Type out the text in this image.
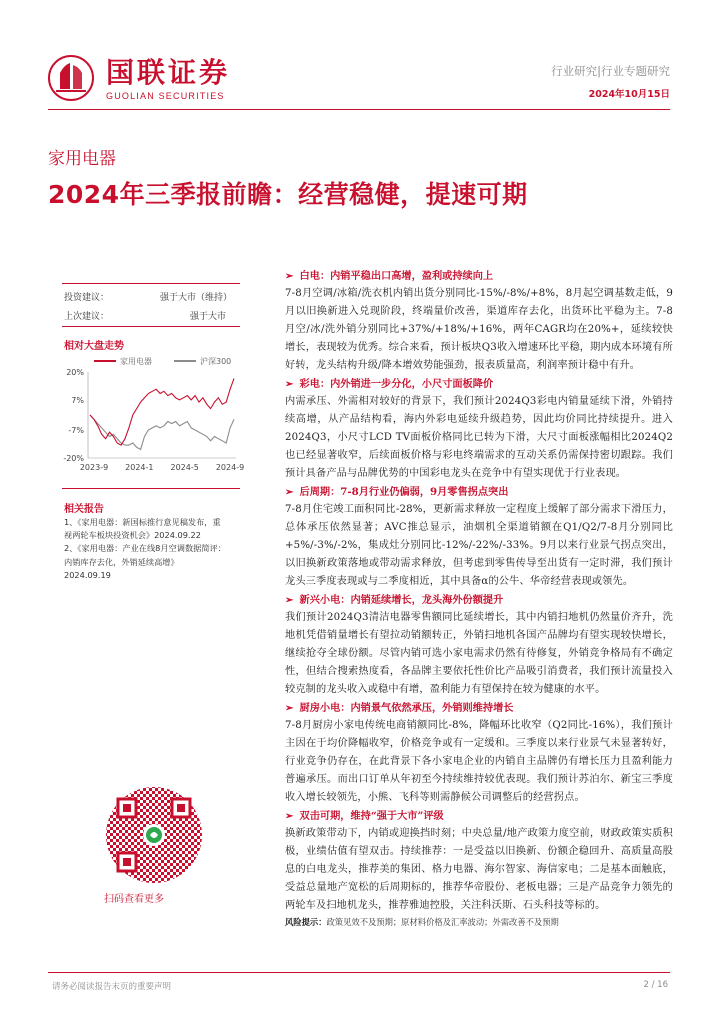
国联证券
GUOLIAN SECURITIES
行业研究|行业专题研究
2024年10月15日
家用电器
2024年三季报前瞻：经营稳健，提速可期
投资建议：	强于大市（维持）
上次建议：	强于大市
相对大盘走势
家用电器	沪深300
20%
7%
-7%
-20%
2023-9 2024-1 2024-5 2024-9
相关报告
1、《家用电器：新国标推行意见稿发布，重
视两轮车板块投资机会》2024.09.22
2、《家用电器：产业在线8月空调数据简评：
内销库存去化，外销延续高增》
2024.09.19
扫码查看更多
➢ 白电：内销平稳出口高增，盈利或持续向上
7-8月空调/冰箱/洗衣机内销出货分别同比-15%/-8%/+8%，8月起空调基数走低，9月以旧换新进入兑现阶段，终端量价改善，渠道库存去化，出货环比平稳为主。7-8月空/冰/洗外销分别同比+37%/+18%/+16%，两年CAGR均在20%+，延续较快增长，表现较为优秀。综合来看，预计板块Q3收入增速环比平稳，期内成本环境有所好转，龙头结构升级/降本增效势能强劲，报表质量高，利润率预计稳中有升。
➢ 彩电：内外销进一步分化，小尺寸面板降价
内需承压、外需相对较好的背景下，我们预计2024Q3彩电内销量延续下滑，外销持续高增，从产品结构看，海内外彩电延续升级趋势，因此均价同比持续提升。进入2024Q3，小尺寸LCD TV面板价格同比已转为下滑，大尺寸面板涨幅相比2024Q2也已经显著收窄，后续面板价格与彩电终端需求的互动关系仍需保持密切跟踪。我们预计具备产品与品牌优势的中国彩电龙头在竞争中有望实现优于行业表现。
➢ 后周期：7-8月行业仍偏弱，9月零售拐点突出
7-8月住宅竣工面积同比-28%，更新需求释放一定程度上缓解了部分需求下滑压力，总体承压依然显著；AVC推总显示，油烟机全渠道销额在Q1/Q2/7-8月分别同比+5%/-3%/-2%，集成灶分别同比-12%/-22%/-33%。9月以来行业景气拐点突出，以旧换新政策落地或带动需求释放，但考虑到零售传导至出货有一定时滞，我们预计龙头三季度表现或与二季度相近，其中具备α的公牛、华帝经营表现或领先。
➢ 新兴小电：内销延续增长，龙头海外份额提升
我们预计2024Q3清洁电器零售额同比延续增长，其中内销扫地机仍然量价齐升，洗地机凭借销量增长有望拉动销额转正，外销扫地机各国产品牌均有望实现较快增长，继续抢夺全球份额。尽管内销可选小家电需求仍然有待修复，外销竞争格局有不确定性，但结合搜索热度看，各品牌主要依托性价比产品吸引消费者，我们预计流量投入较克制的龙头收入或稳中有增，盈利能力有望保持在较为健康的水平。
➢ 厨房小电：内销景气依然承压，外销则维持增长
7-8月厨房小家电传统电商销额同比-8%，降幅环比收窄（Q2同比-16%），我们预计主因在于均价降幅收窄，价格竞争或有一定缓和。三季度以来行业景气未显著转好，行业竞争仍存在，在此背景下各小家电企业的内销自主品牌仍有增长压力且盈利能力普遍承压。而出口订单从年初至今持续维持较优表现。我们预计苏泊尔、新宝三季度收入增长较领先，小熊、飞科等则需静候公司调整后的经营拐点。
➢ 双击可期，维持“强于大市”评级
换新政策带动下，内销或迎换挡时刻；中央总量/地产政策力度空前，财政政策实质积极，业绩估值有望双击。持续推荐：一是受益以旧换新、份额企稳回升、高质量高股息的白电龙头，推荐美的集团、格力电器、海尔智家、海信家电；二是基本面触底，受益总量地产宽松的后周期标的，推荐华帝股份、老板电器；三是产品竞争力领先的两轮车及扫地机龙头，推荐雅迪控股，关注科沃斯、石头科技等标的。
风险提示：政策见效不及预期；原材料价格及汇率波动；外需改善不及预期
请务必阅读报告末页的重要声明	2 / 16
